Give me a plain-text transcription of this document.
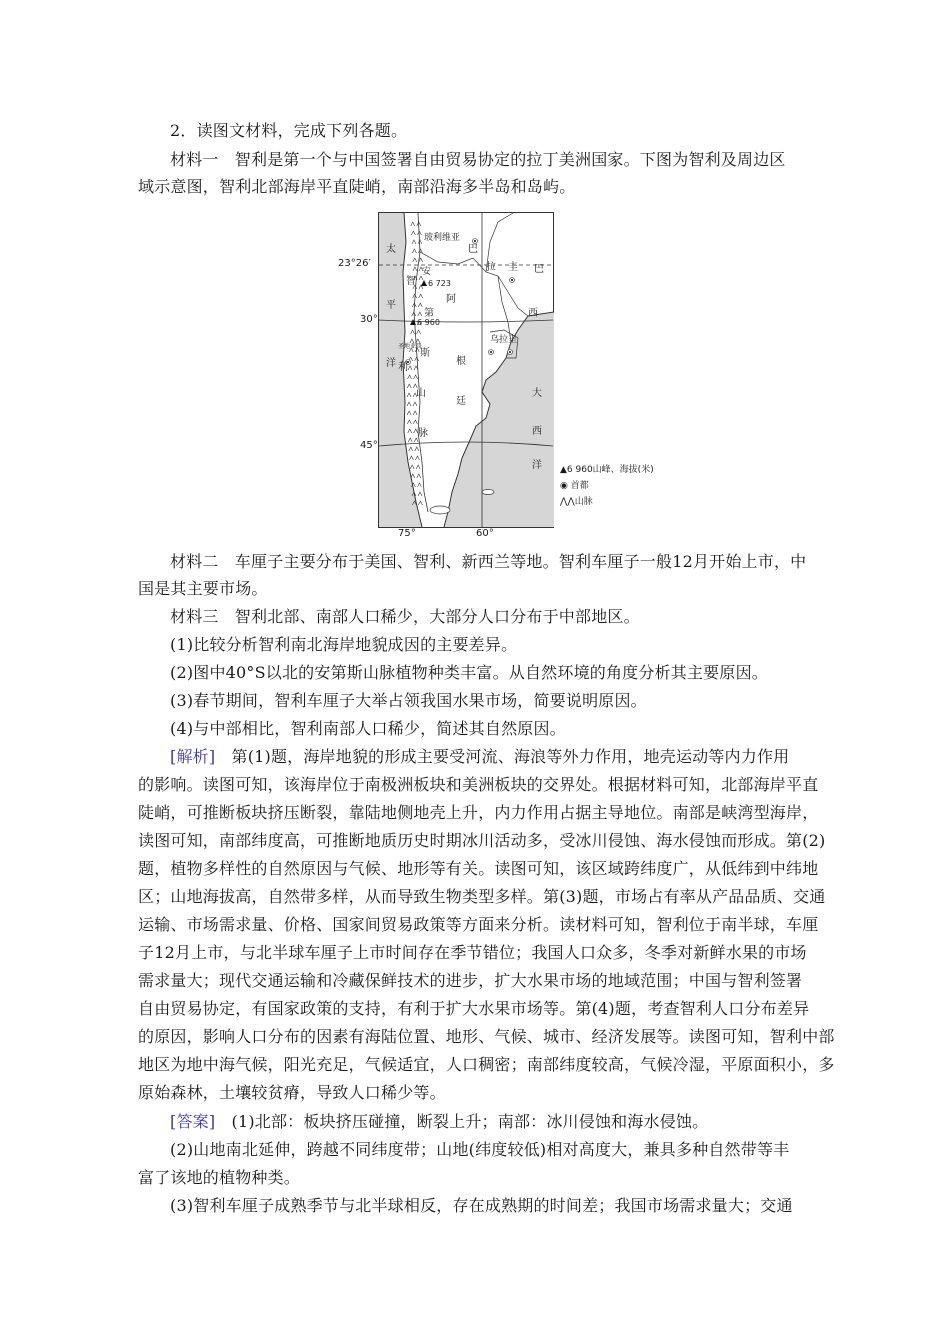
2．读图文材料，完成下列各题。
材料一　智利是第一个与中国签署自由贸易协定的拉丁美洲国家。下图为智利及周边区
域示意图，智利北部海岸平直陡峭，南部沿海多半岛和岛屿。
太
平
洋
大
西
洋
玻利维亚
巴
拉 圭 巴
西
乌拉圭
阿
根
廷
智
利
安
第
斯
山
脉
圣地亚哥
6 723
6 960
23°26′
30°
45°
75°	60°
▲6 960山峰、海拔(米)
◉ 首都
⋀⋀山脉
材料二　车厘子主要分布于美国、智利、新西兰等地。智利车厘子一般12月开始上市，中
国是其主要市场。
材料三　智利北部、南部人口稀少，大部分人口分布于中部地区。
(1)比较分析智利南北海岸地貌成因的主要差异。
(2)图中40°S以北的安第斯山脉植物种类丰富。从自然环境的角度分析其主要原因。
(3)春节期间，智利车厘子大举占领我国水果市场，简要说明原因。
(4)与中部相比，智利南部人口稀少，简述其自然原因。
[解析]　第(1)题，海岸地貌的形成主要受河流、海浪等外力作用，地壳运动等内力作用
的影响。读图可知，该海岸位于南极洲板块和美洲板块的交界处。根据材料可知，北部海岸平直
陡峭，可推断板块挤压断裂，靠陆地侧地壳上升，内力作用占据主导地位。南部是峡湾型海岸，
读图可知，南部纬度高，可推断地质历史时期冰川活动多，受冰川侵蚀、海水侵蚀而形成。第(2)
题，植物多样性的自然原因与气候、地形等有关。读图可知，该区域跨纬度广，从低纬到中纬地
区；山地海拔高，自然带多样，从而导致生物类型多样。第(3)题，市场占有率从产品品质、交通
运输、市场需求量、价格、国家间贸易政策等方面来分析。读材料可知，智利位于南半球，车厘
子12月上市，与北半球车厘子上市时间存在季节错位；我国人口众多，冬季对新鲜水果的市场
需求量大；现代交通运输和冷藏保鲜技术的进步，扩大水果市场的地域范围；中国与智利签署
自由贸易协定，有国家政策的支持，有利于扩大水果市场等。第(4)题，考查智利人口分布差异
的原因，影响人口分布的因素有海陆位置、地形、气候、城市、经济发展等。读图可知，智利中部
地区为地中海气候，阳光充足，气候适宜，人口稠密；南部纬度较高，气候冷湿，平原面积小，多
原始森林，土壤较贫瘠，导致人口稀少等。
[答案]　(1)北部：板块挤压碰撞，断裂上升；南部：冰川侵蚀和海水侵蚀。
(2)山地南北延伸，跨越不同纬度带；山地(纬度较低)相对高度大，兼具多种自然带等丰
富了该地的植物种类。
(3)智利车厘子成熟季节与北半球相反，存在成熟期的时间差；我国市场需求量大；交通
